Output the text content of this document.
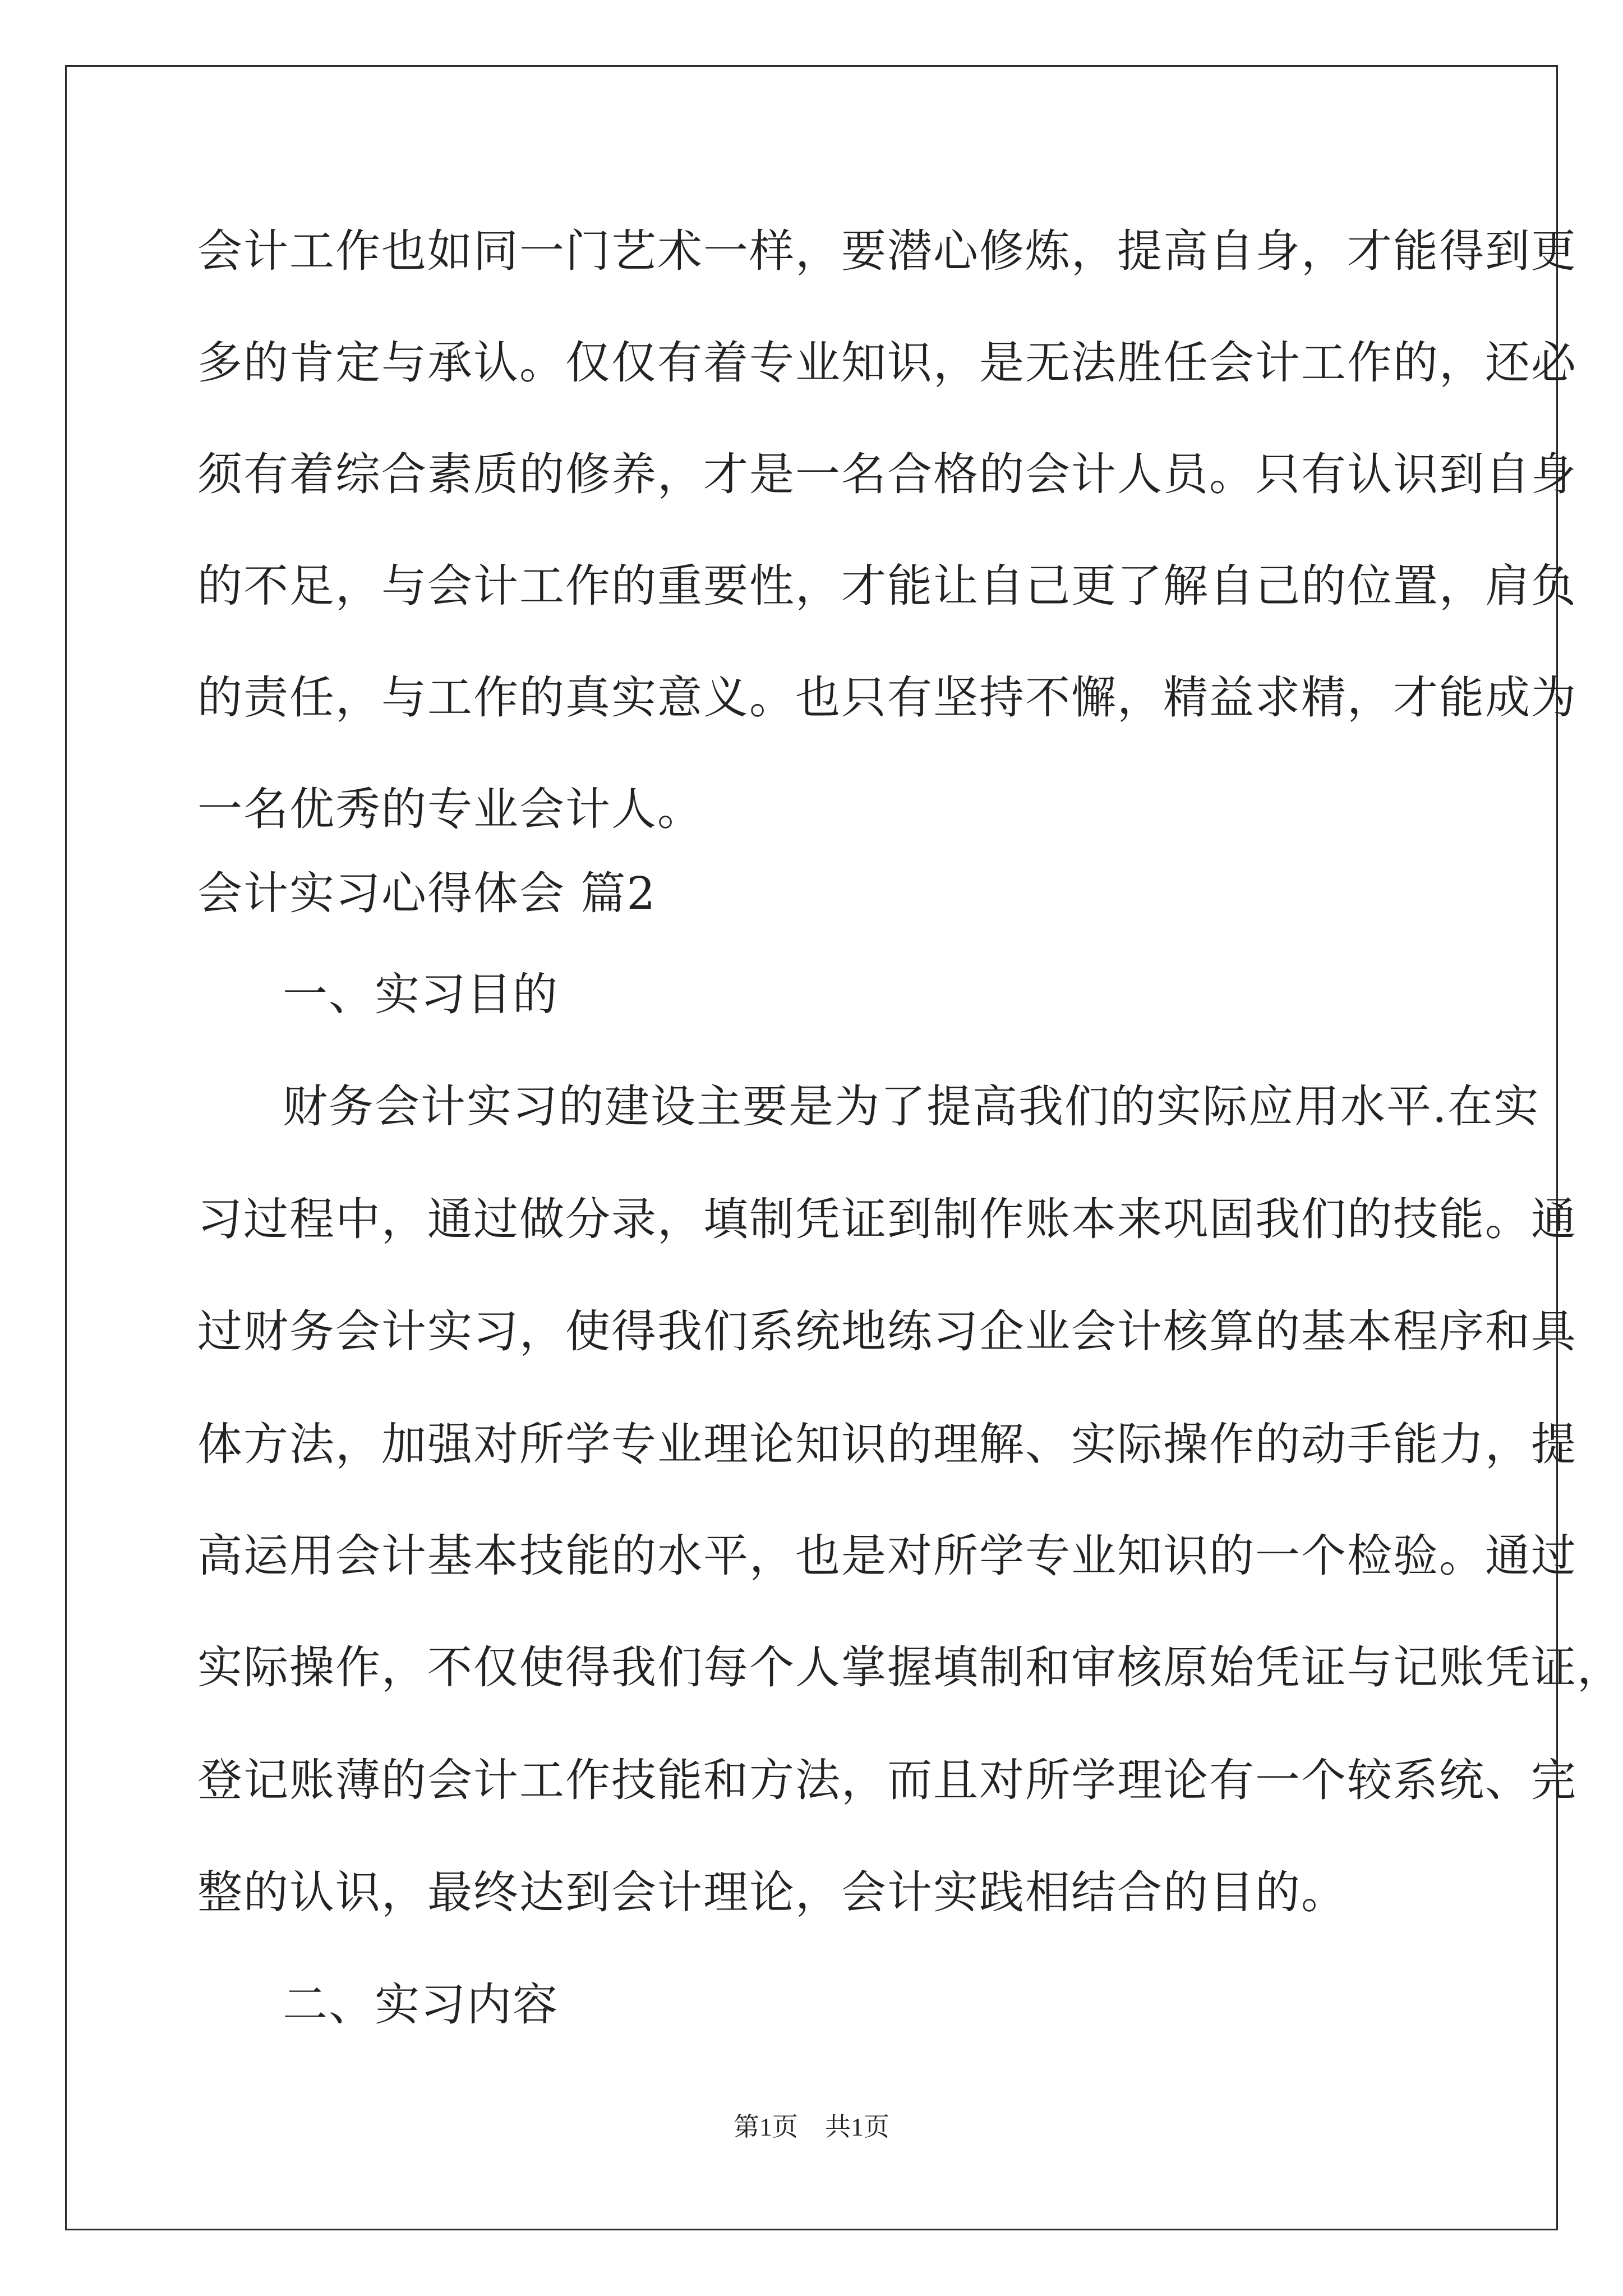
会计工作也如同一门艺术一样，要潜心修炼，提高自身，才能得到更
多的肯定与承认。仅仅有着专业知识，是无法胜任会计工作的，还必
须有着综合素质的修养，才是一名合格的会计人员。只有认识到自身
的不足，与会计工作的重要性，才能让自己更了解自己的位置，肩负
的责任，与工作的真实意义。也只有坚持不懈，精益求精，才能成为
一名优秀的专业会计人。
会计实习心得体会 篇2
一、实习目的
财务会计实习的建设主要是为了提高我们的实际应用水平.在实
习过程中，通过做分录，填制凭证到制作账本来巩固我们的技能。通
过财务会计实习，使得我们系统地练习企业会计核算的基本程序和具
体方法，加强对所学专业理论知识的理解、实际操作的动手能力，提
高运用会计基本技能的水平，也是对所学专业知识的一个检验。通过
实际操作，不仅使得我们每个人掌握填制和审核原始凭证与记账凭证，
登记账薄的会计工作技能和方法，而且对所学理论有一个较系统、完
整的认识，最终达到会计理论，会计实践相结合的目的。
二、实习内容
第1页 共1页
